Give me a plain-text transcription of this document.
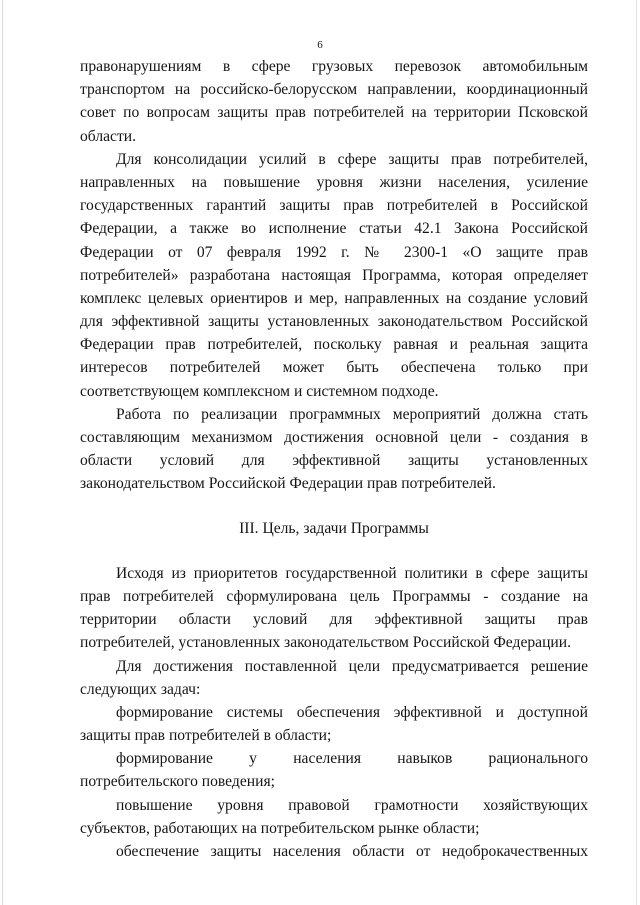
6
правонарушениям в сфере грузовых перевозок автомобильным
транспортом на российско-белорусском направлении, координационный
совет по вопросам защиты прав потребителей на территории Псковской
области.
Для консолидации усилий в сфере защиты прав потребителей,
направленных на повышение уровня жизни населения, усиление
государственных гарантий защиты прав потребителей в Российской
Федерации, а также во исполнение статьи 42.1 Закона Российской
Федерации от 07 февраля 1992 г. № 2300-1 «О защите прав
потребителей» разработана настоящая Программа, которая определяет
комплекс целевых ориентиров и мер, направленных на создание условий
для эффективной защиты установленных законодательством Российской
Федерации прав потребителей, поскольку равная и реальная защита
интересов потребителей может быть обеспечена только при
соответствующем комплексном и системном подходе.
Работа по реализации программных мероприятий должна стать
составляющим механизмом достижения основной цели - создания в
области условий для эффективной защиты установленных
законодательством Российской Федерации прав потребителей.
III. Цель, задачи Программы
Исходя из приоритетов государственной политики в сфере защиты
прав потребителей сформулирована цель Программы - создание на
территории области условий для эффективной защиты прав
потребителей, установленных законодательством Российской Федерации.
Для достижения поставленной цели предусматривается решение
следующих задач:
формирование системы обеспечения эффективной и доступной
защиты прав потребителей в области;
формирование у населения навыков рационального
потребительского поведения;
повышение уровня правовой грамотности хозяйствующих
субъектов, работающих на потребительском рынке области;
обеспечение защиты населения области от недоброкачественных
